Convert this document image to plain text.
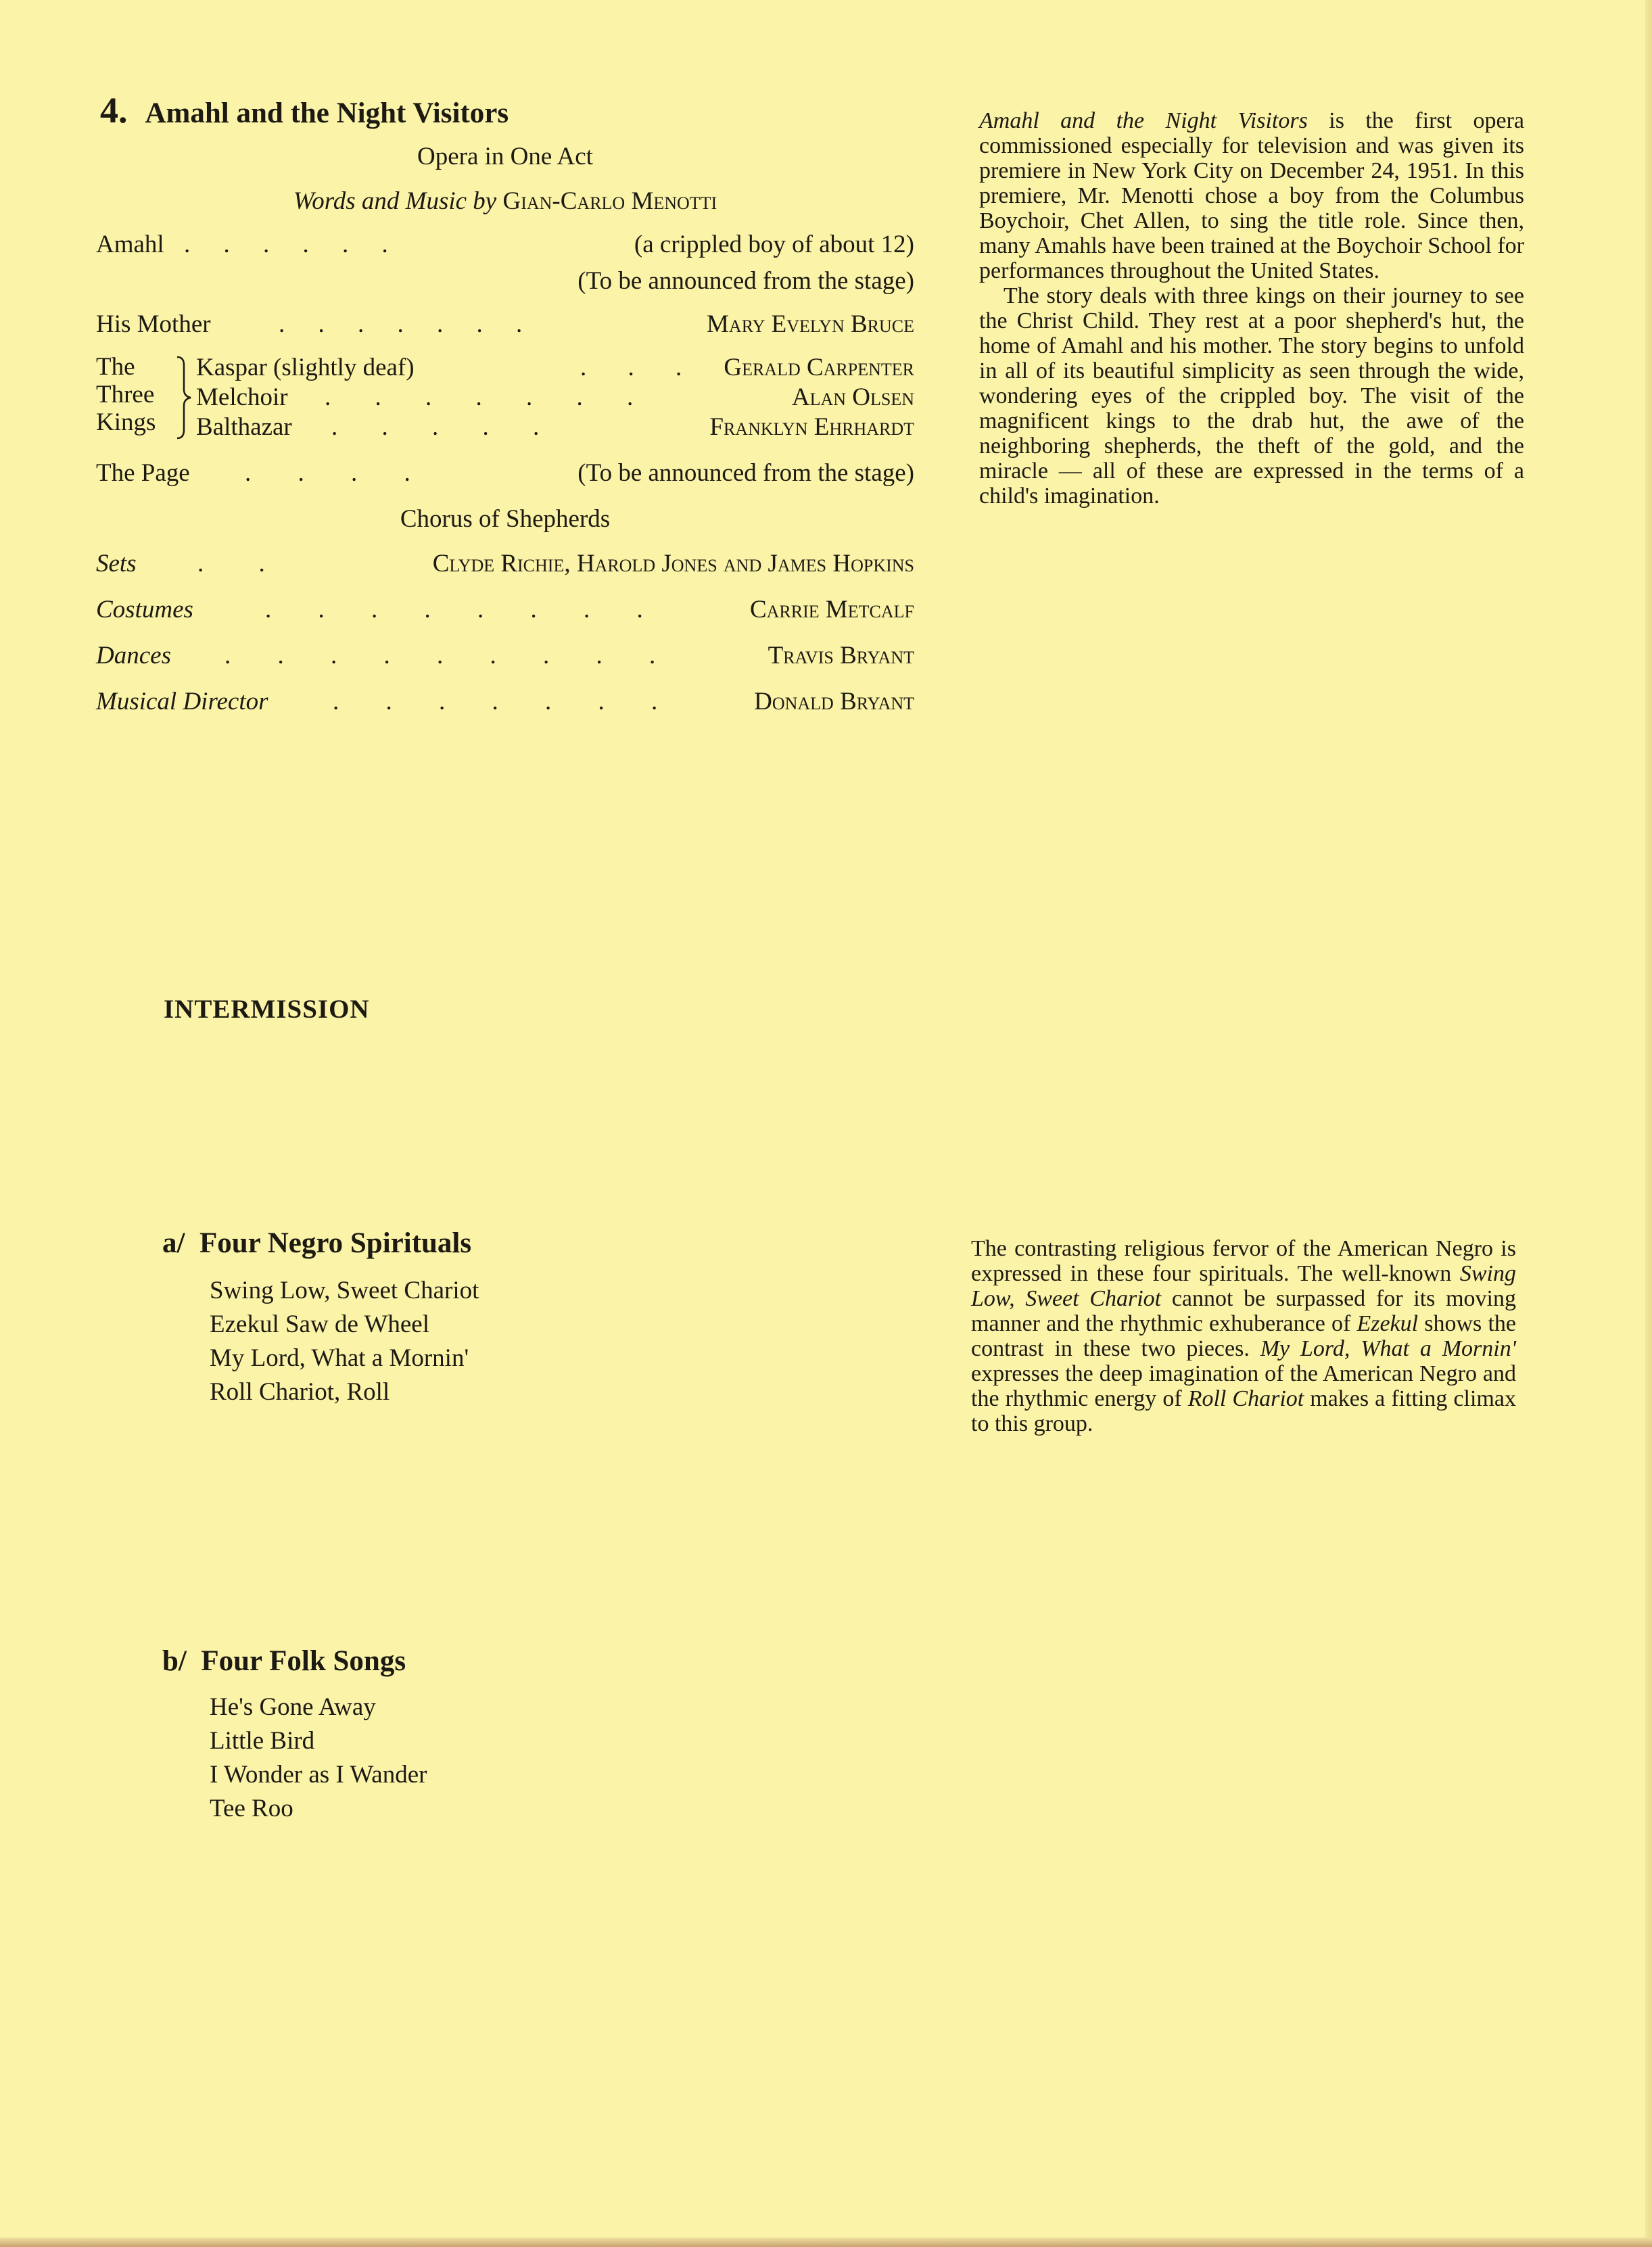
4. Amahl and the Night Visitors
Opera in One Act
Words and Music by Gian-Carlo Menotti
Amahl . . . . . .	(a crippled boy of about 12)
(To be announced from the stage)
His Mother	. . . . . . .	Mary Evelyn Bruce
The
Three
Kings
Kaspar (slightly deaf)	. . . Gerald Carpenter
Melchoir . . . . . . .	Alan Olsen
Balthazar . . . . .	Franklyn Ehrhardt
The Page . . . .	(To be announced from the stage)
Chorus of Shepherds
Sets . .	Clyde Richie, Harold Jones and James Hopkins
Costumes	. . . . . . . .	Carrie Metcalf
Dances . . . . . . . . .	Travis Bryant
Musical Director	. . . . . . .	Donald Bryant

Amahl and the Night Visitors is the first opera commissioned especially for television and was given its premiere in New York City on December 24, 1951. In this premiere, Mr. Menotti chose a boy from the Columbus Boychoir, Chet Allen, to sing the title role. Since then, many Amahls have been trained at the Boychoir School for performances throughout the United States.

The story deals with three kings on their journey to see the Christ Child. They rest at a poor shepherd's hut, the home of Amahl and his mother. The story begins to unfold in all of its beautiful simplicity as seen through the wide, wondering eyes of the crippled boy. The visit of the magnificent kings to the drab hut, the awe of the neighboring shepherds, the theft of the gold, and the miracle — all of these are expressed in the terms of a child's imagination.

INTERMISSION
a/ Four Negro Spirituals
Swing Low, Sweet Chariot
Ezekul Saw de Wheel
My Lord, What a Mornin'
Roll Chariot, Roll

The contrasting religious fervor of the American Negro is expressed in these four spirituals. The well-known Swing Low, Sweet Chariot cannot be surpassed for its moving manner and the rhythmic exhuberance of Ezekul shows the contrast in these two pieces. My Lord, What a Mornin' expresses the deep imagination of the American Negro and the rhythmic energy of Roll Chariot makes a fitting climax to this group.

b/ Four Folk Songs
He's Gone Away
Little Bird
I Wonder as I Wander
Tee Roo
